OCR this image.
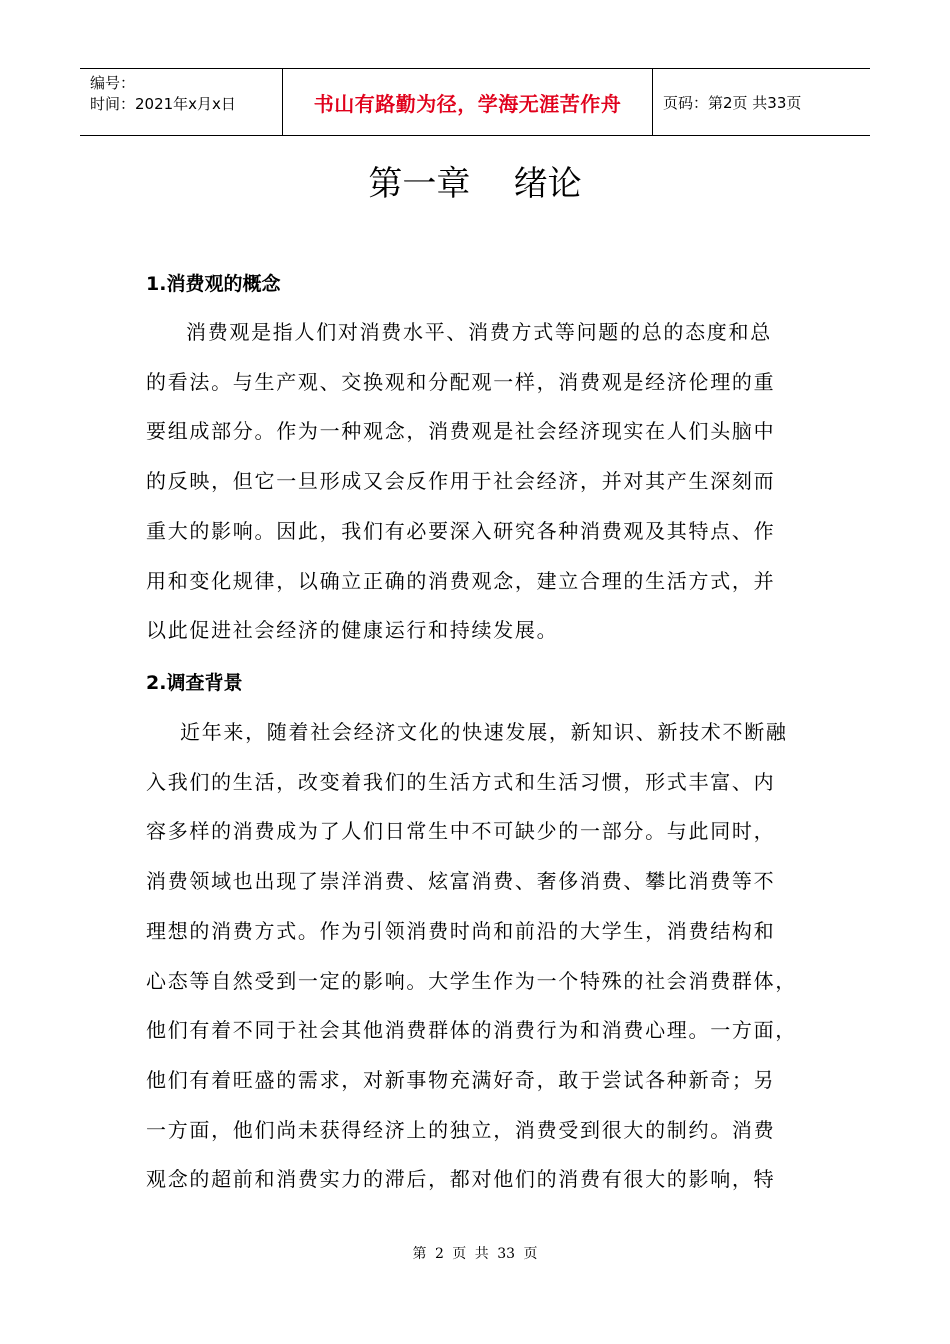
编号：
时间：2021年x月x日	书山有路勤为径，学海无涯苦作舟	页码：第2页 共33页
第一章    绪论
1.消费观的概念
消费观是指人们对消费水平、消费方式等问题的总的态度和总
的看法。与生产观、交换观和分配观一样，消费观是经济伦理的重
要组成部分。作为一种观念，消费观是社会经济现实在人们头脑中
的反映，但它一旦形成又会反作用于社会经济，并对其产生深刻而
重大的影响。因此，我们有必要深入研究各种消费观及其特点、作
用和变化规律，以确立正确的消费观念，建立合理的生活方式，并
以此促进社会经济的健康运行和持续发展。
2.调查背景
近年来，随着社会经济文化的快速发展，新知识、新技术不断融
入我们的生活，改变着我们的生活方式和生活习惯，形式丰富、内
容多样的消费成为了人们日常生中不可缺少的一部分。与此同时，
消费领域也出现了崇洋消费、炫富消费、奢侈消费、攀比消费等不
理想的消费方式。作为引领消费时尚和前沿的大学生，消费结构和
心态等自然受到一定的影响。大学生作为一个特殊的社会消费群体，
他们有着不同于社会其他消费群体的消费行为和消费心理。一方面，
他们有着旺盛的需求，对新事物充满好奇，敢于尝试各种新奇；另
一方面，他们尚未获得经济上的独立，消费受到很大的制约。消费
观念的超前和消费实力的滞后，都对他们的消费有很大的影响，特
第 2 页 共 33 页
